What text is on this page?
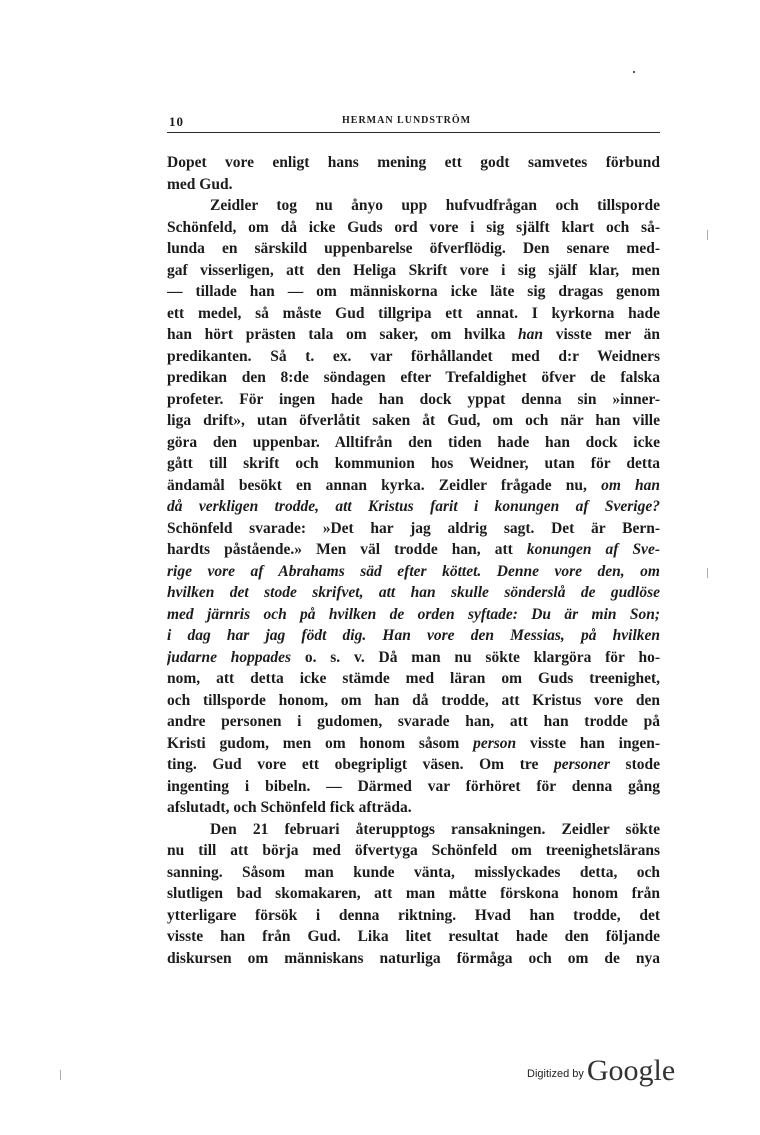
10	HERMAN LUNDSTRÖM
Dopet vore enligt hans mening ett godt samvetes förbund
med Gud.
Zeidler tog nu ånyo upp hufvudfrågan och tillsporde
Schönfeld, om då icke Guds ord vore i sig själft klart och så-
lunda en särskild uppenbarelse öfverflödig. Den senare med-
gaf visserligen, att den Heliga Skrift vore i sig själf klar, men
— tillade han — om människorna icke läte sig dragas genom
ett medel, så måste Gud tillgripa ett annat. I kyrkorna hade
han hört prästen tala om saker, om hvilka han visste mer än
predikanten. Så t. ex. var förhållandet med d:r Weidners
predikan den 8:de söndagen efter Trefaldighet öfver de falska
profeter. För ingen hade han dock yppat denna sin »inner-
liga drift», utan öfverlåtit saken åt Gud, om och när han ville
göra den uppenbar. Alltifrån den tiden hade han dock icke
gått till skrift och kommunion hos Weidner, utan för detta
ändamål besökt en annan kyrka. Zeidler frågade nu, om han
då verkligen trodde, att Kristus farit i konungen af Sverige?
Schönfeld svarade: »Det har jag aldrig sagt. Det är Bern-
hardts påstående.» Men väl trodde han, att konungen af Sve-
rige vore af Abrahams säd efter köttet. Denne vore den, om
hvilken det stode skrifvet, att han skulle sönderslå de gudlöse
med järnris och på hvilken de orden syftade: Du är min Son;
i dag har jag födt dig. Han vore den Messias, på hvilken
judarne hoppades o. s. v. Då man nu sökte klargöra för ho-
nom, att detta icke stämde med läran om Guds treenighet,
och tillsporde honom, om han då trodde, att Kristus vore den
andre personen i gudomen, svarade han, att han trodde på
Kristi gudom, men om honom såsom person visste han ingen-
ting. Gud vore ett obegripligt väsen. Om tre personer stode
ingenting i bibeln. — Därmed var förhöret för denna gång
afslutadt, och Schönfeld fick afträda.
Den 21 februari återupptogs ransakningen. Zeidler sökte
nu till att börja med öfvertyga Schönfeld om treenighetslärans
sanning. Såsom man kunde vänta, misslyckades detta, och
slutligen bad skomakaren, att man måtte förskona honom från
ytterligare försök i denna riktning. Hvad han trodde, det
visste han från Gud. Lika litet resultat hade den följande
diskursen om människans naturliga förmåga och om de nya
Digitized by Google
